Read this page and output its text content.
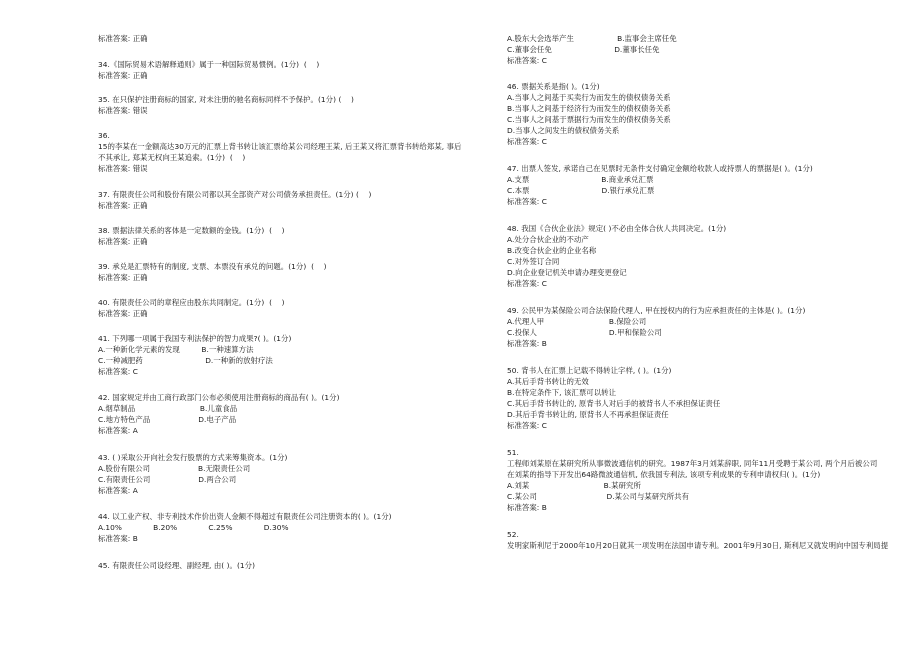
标准答案: 正确
34.《国际贸易术语解释通则》属于一种国际贸易惯例。(1分)  (    )
标准答案: 正确
35. 在只保护注册商标的国家, 对未注册的驰名商标同样不予保护。(1分) (    )
标准答案: 错误
36.
15的李某在一金额高达30万元的汇票上背书转让该汇票给某公司经理王某, 后王某又将汇票背书转给郑某, 事后
不其承让, 郑某无权向王某追索。(1分)  (    )
标准答案: 错误
37. 有限责任公司和股份有限公司都以其全部资产对公司债务承担责任。(1分) (    )
标准答案: 正确
38. 票据法律关系的客体是一定数额的金钱。(1分)  (    )
标准答案: 正确
39. 承兑是汇票特有的制度, 支票、本票没有承兑的问题。(1分)  (    )
标准答案: 正确
40. 有限责任公司的章程应由股东共同制定。(1分)  (    )
标准答案: 正确
41. 下列哪一项属于我国专利法保护的智力成果?( )。(1分)
A.一种新化学元素的发现         B.一种速算方法
C.一种减肥药                          D.一种新的放射疗法
标准答案: C
42. 国家规定并由工商行政部门公布必须使用注册商标的商品有( )。(1分)
A.烟草制品                           B.儿童食品
C.地方特色产品                    D.电子产品
标准答案: A
43. ( )采取公开向社会发行股票的方式来筹集资本。(1分)
A.股份有限公司                    B.无限责任公司
C.有限责任公司                    D.两合公司
标准答案: A
44. 以工业产权、非专利技术作价出资人金额不得超过有限责任公司注册资本的( )。(1分)
A.10%             B.20%             C.25%             D.30%
标准答案: B
45. 有限责任公司设经理、副经理, 由( )。(1分)
A.股东大会选举产生                  B.监事会主席任免
C.董事会任免                          D.董事长任免
标准答案: C
46. 票据关系是指( )。(1分)
A.当事人之间基于买卖行为而发生的债权债务关系
B.当事人之间基于经济行为而发生的债权债务关系
C.当事人之间基于票据行为而发生的债权债务关系
D.当事人之间发生的债权债务关系
标准答案: C
47. 出票人签发, 承诺自己在见票时无条件支付确定金额给收款人或持票人的票据是( )。(1分)
A.支票                              B.商业承兑汇票
C.本票                              D.银行承兑汇票
标准答案: C
48. 我国《合伙企业法》规定( )不必由全体合伙人共同决定。(1分)
A.处分合伙企业的不动产
B.改变合伙企业的企业名称
C.对外签订合同
D.向企业登记机关申请办理变更登记
标准答案: C
49. 公民甲为某保险公司合法保险代理人, 甲在授权内的行为应承担责任的主体是( )。(1分)
A.代理人甲                           B.保险公司
C.投保人                              D.甲和保险公司
标准答案: B
50. 背书人在汇票上记载不得转让字样, ( )。(1分)
A.其后手背书转让的无效
B.在特定条件下, 该汇票可以转让
C.其后手背书转让的, 原背书人对后手的被背书人不承担保证责任
D.其后手背书转让的, 原背书人不再承担保证责任
标准答案: C
51.
工程师刘某原在某研究所从事微波通信机的研究。1987年3月刘某辞职, 同年11月受聘于某公司, 两个月后被公司
在刘某的指导下开发出64路微波通信机, 依我国专利法, 该项专利成果的专利申请权归( )。(1分)
A.刘某                               B.某研究所
C.某公司                             D.某公司与某研究所共有
标准答案: B
52.
发明家斯利尼于2000年10月20日就其一项发明在法国申请专利。2001年9月30日, 斯利尼又就发明向中国专利局提
